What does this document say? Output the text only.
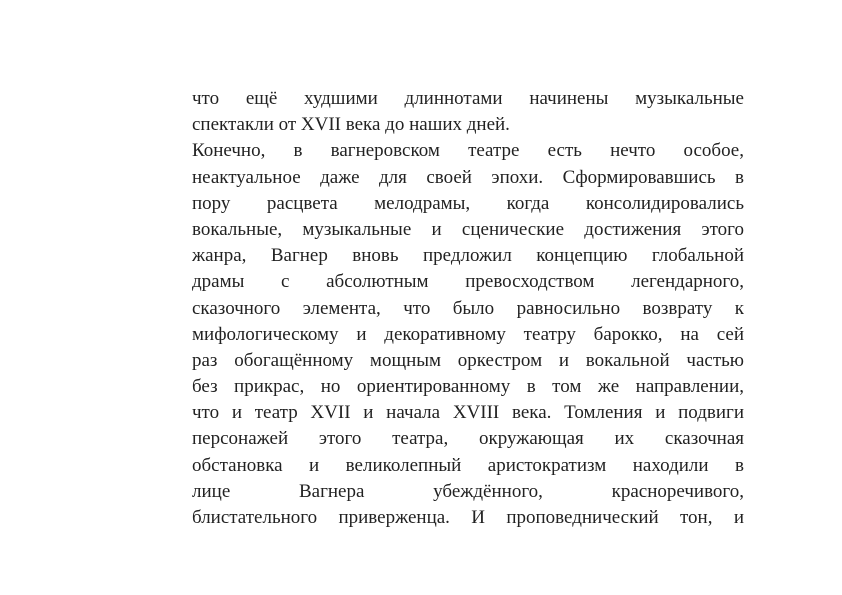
что ещё худшими длиннотами начинены музыкальные
спектакли от XVII века до наших дней.
Конечно, в вагнеровском театре есть нечто особое,
неактуальное даже для своей эпохи. Сформировавшись в
пору расцвета мелодрамы, когда консолидировались
вокальные, музыкальные и сценические достижения этого
жанра, Вагнер вновь предложил концепцию глобальной
драмы с абсолютным превосходством легендарного,
сказочного элемента, что было равносильно возврату к
мифологическому и декоративному театру барокко, на сей
раз обогащённому мощным оркестром и вокальной частью
без прикрас, но ориентированному в том же направлении,
что и театр XVII и начала XVIII века. Томления и подвиги
персонажей этого театра, окружающая их сказочная
обстановка и великолепный аристократизм находили в
лице Вагнера убеждённого, красноречивого,
блистательного приверженца. И проповеднический тон, и
